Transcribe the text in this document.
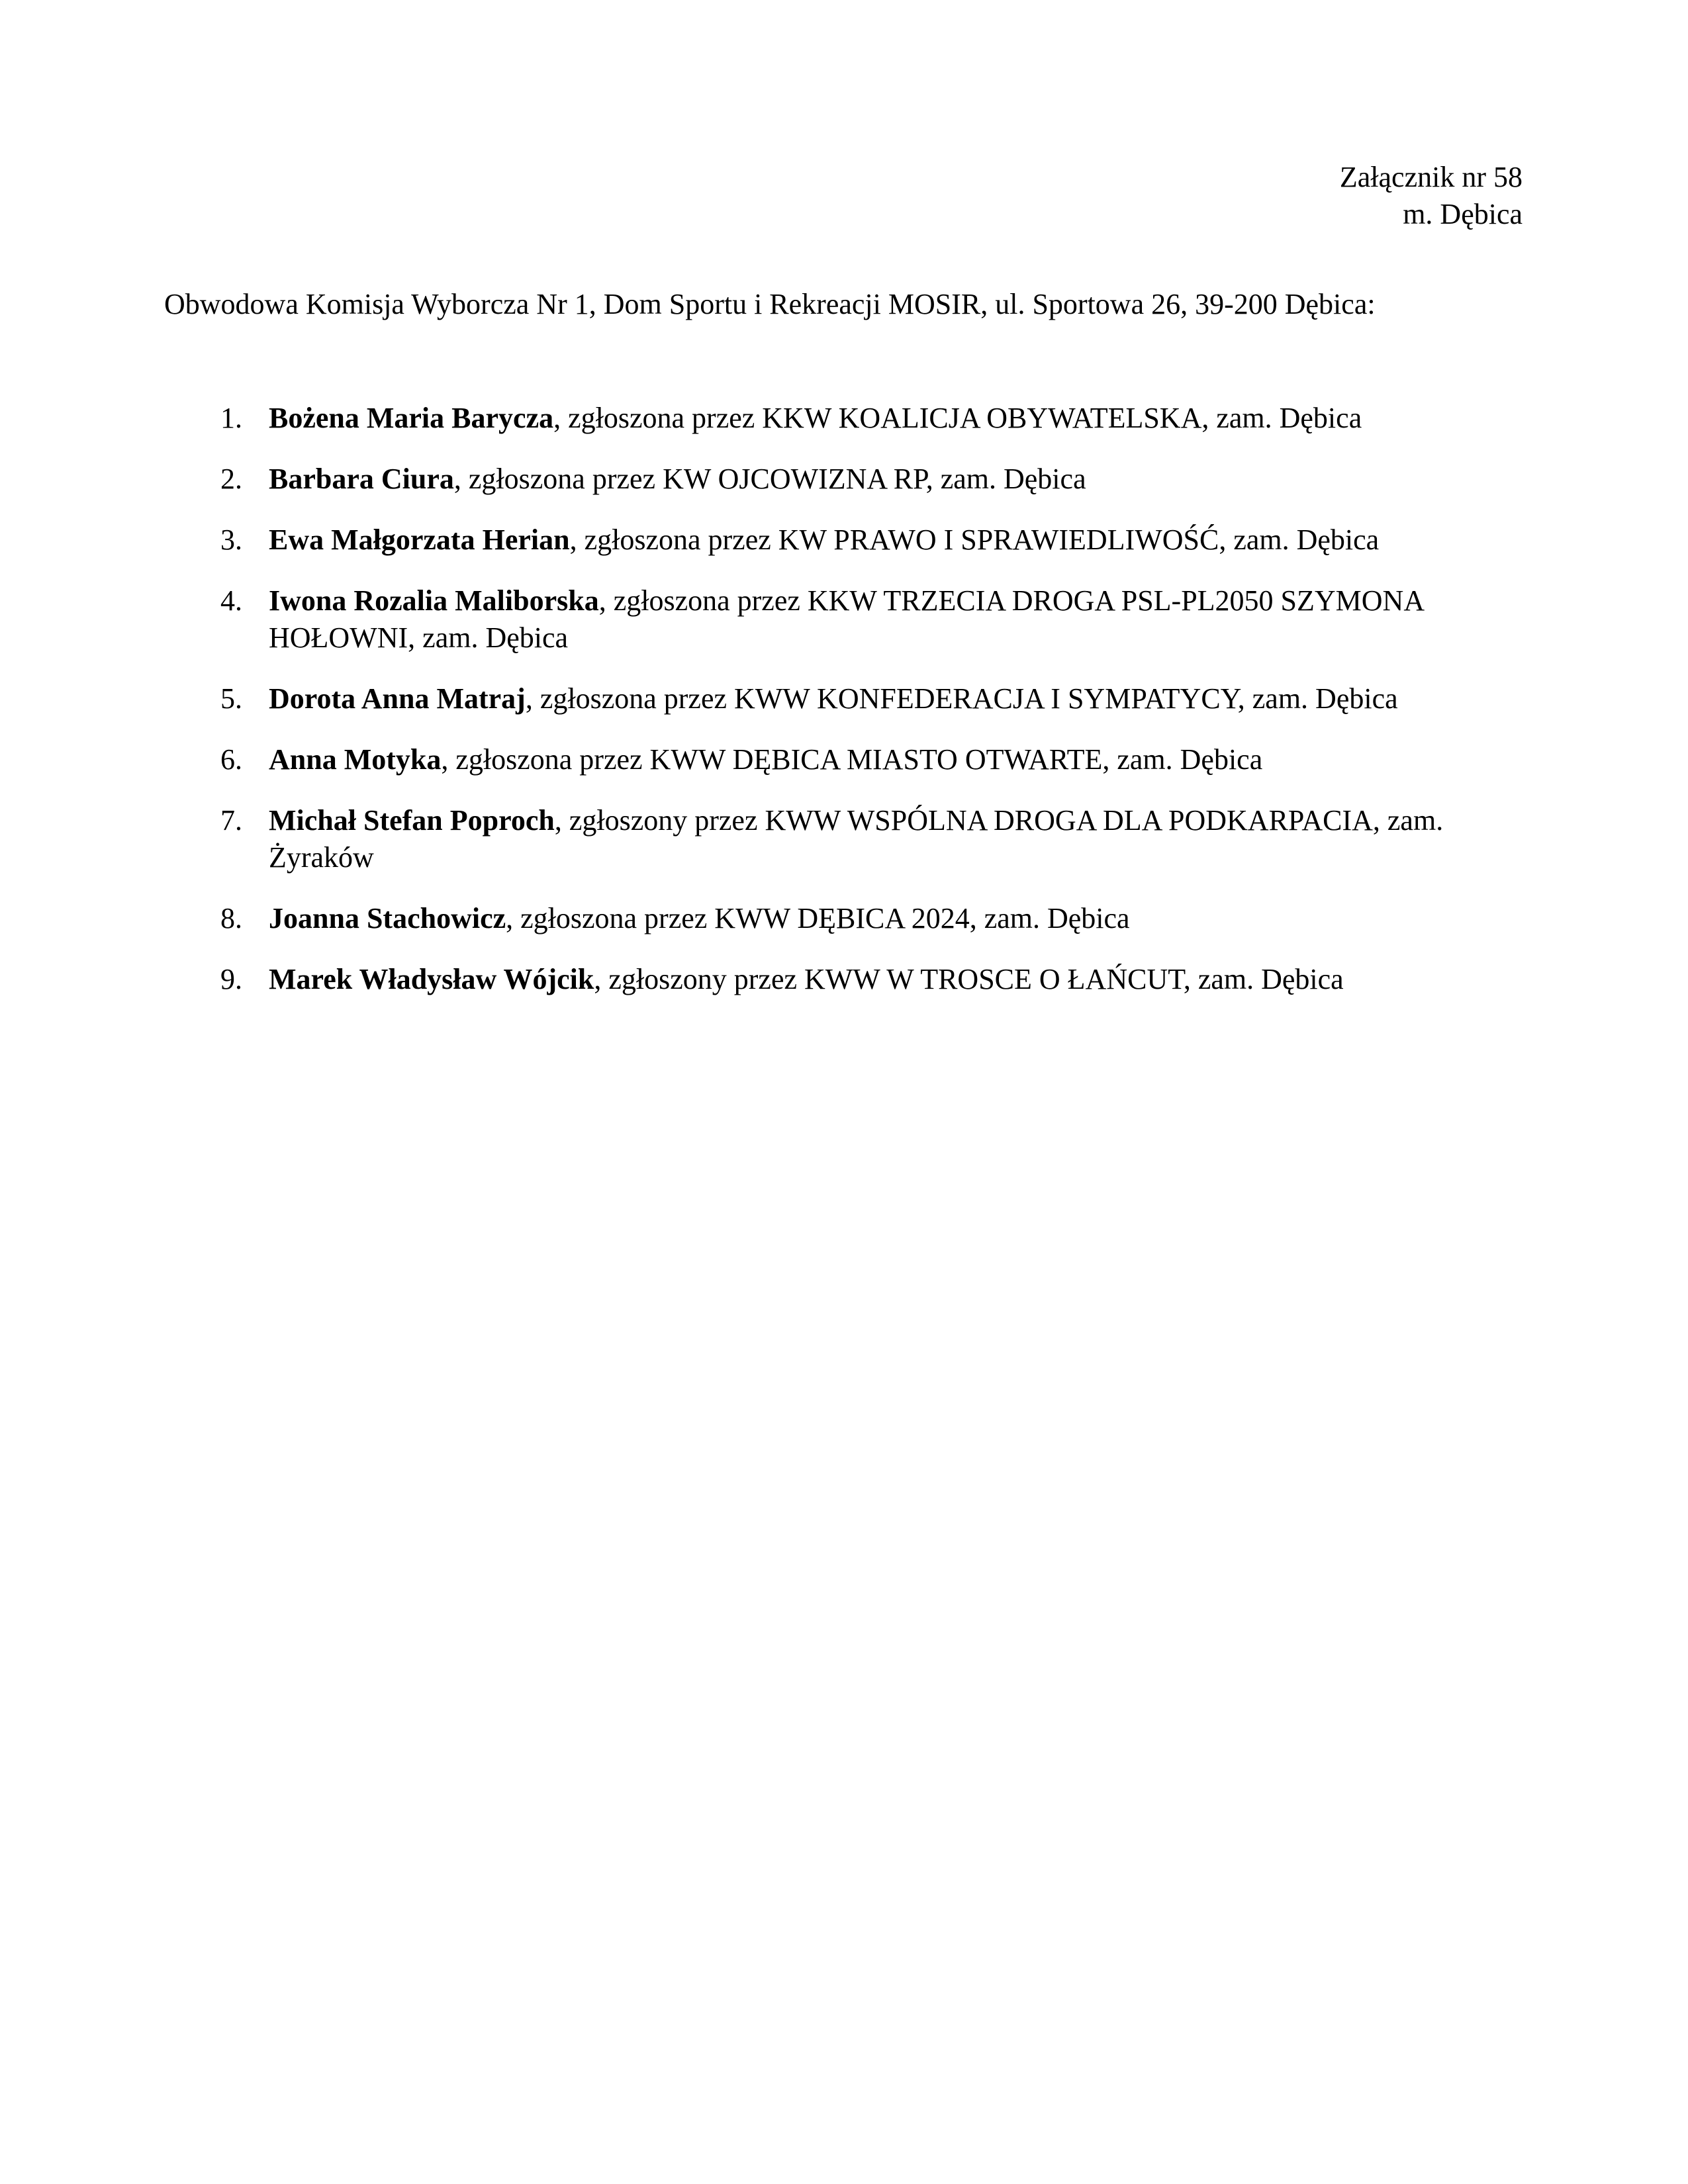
Załącznik nr 58
m. Dębica
Obwodowa Komisja Wyborcza Nr 1, Dom Sportu i Rekreacji MOSIR, ul. Sportowa 26, 39-200 Dębica:
1. Bożena Maria Barycza, zgłoszona przez KKW KOALICJA OBYWATELSKA, zam. Dębica
2. Barbara Ciura, zgłoszona przez KW OJCOWIZNA RP, zam. Dębica
3. Ewa Małgorzata Herian, zgłoszona przez KW PRAWO I SPRAWIEDLIWOŚĆ, zam. Dębica
4. Iwona Rozalia Maliborska, zgłoszona przez KKW TRZECIA DROGA PSL-PL2050 SZYMONA HOŁOWNI, zam. Dębica
5. Dorota Anna Matraj, zgłoszona przez KWW KONFEDERACJA I SYMPATYCY, zam. Dębica
6. Anna Motyka, zgłoszona przez KWW DĘBICA MIASTO OTWARTE, zam. Dębica
7. Michał Stefan Poproch, zgłoszony przez KWW WSPÓLNA DROGA DLA PODKARPACIA, zam. Żyraków
8. Joanna Stachowicz, zgłoszona przez KWW DĘBICA 2024, zam. Dębica
9. Marek Władysław Wójcik, zgłoszony przez KWW W TROSCE O ŁAŃCUT, zam. Dębica
